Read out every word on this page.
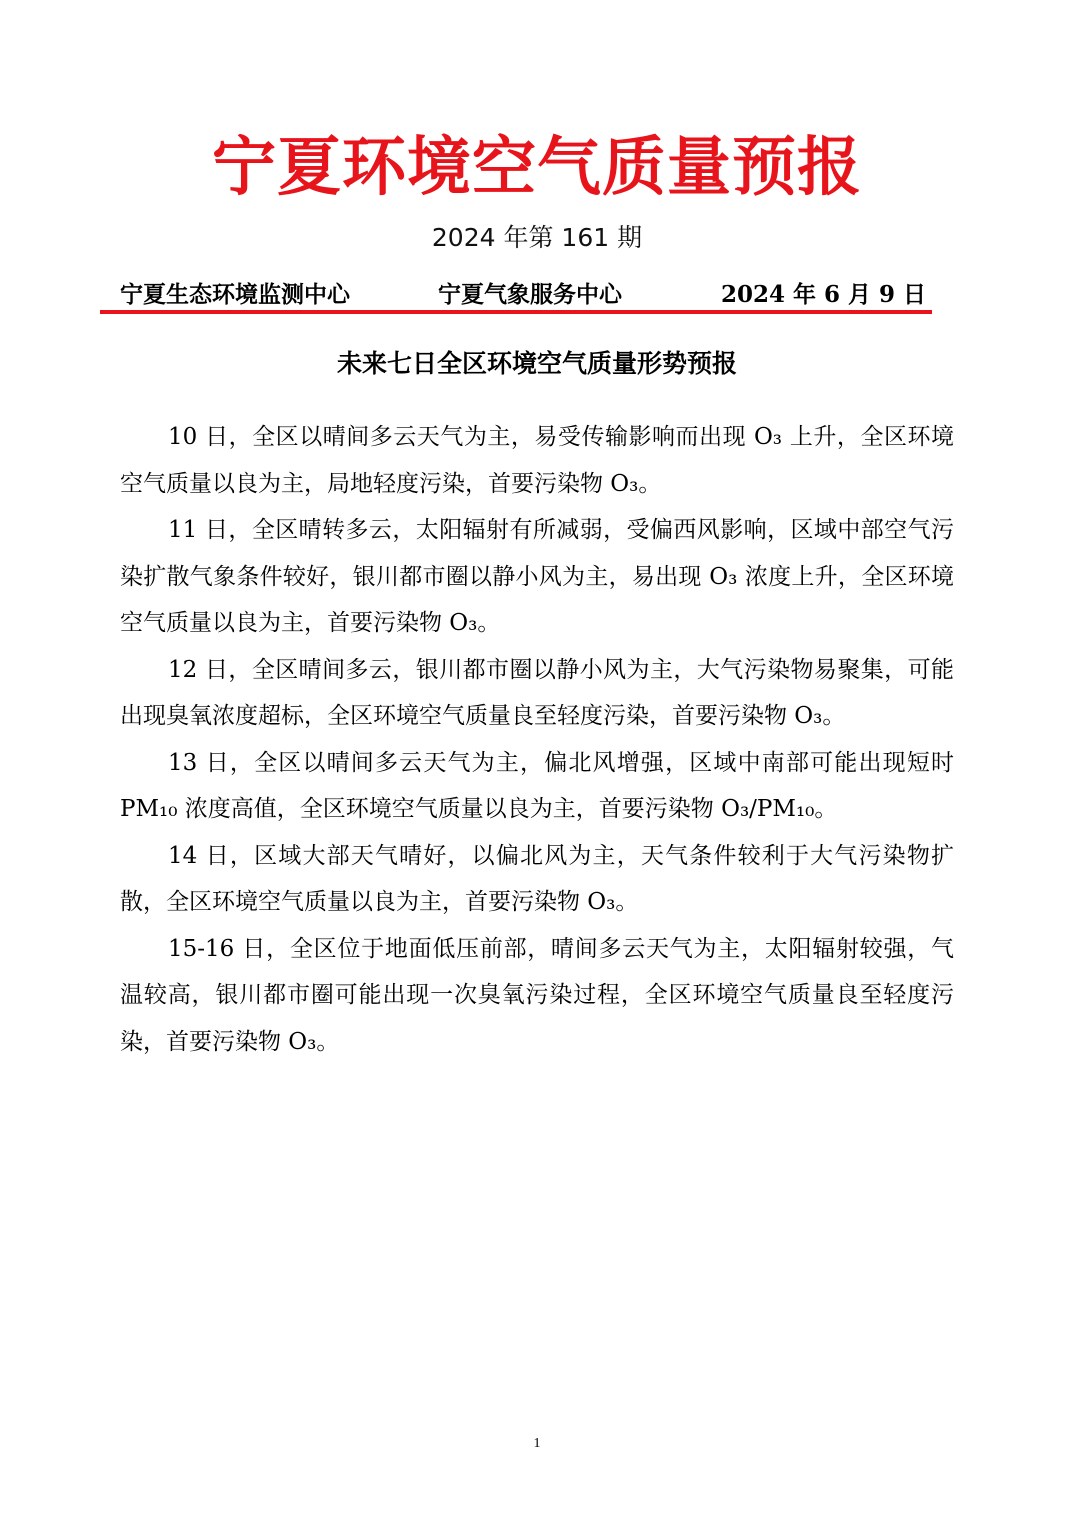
宁夏环境空气质量预报
2024 年第 161 期
宁夏生态环境监测中心	宁夏气象服务中心	2024 年 6 月 9 日
未来七日全区环境空气质量形势预报

10 日，全区以晴间多云天气为主，易受传输影响而出现 O₃ 上升，全区环境空气质量以良为主，局地轻度污染，首要污染物 O₃。

11 日，全区晴转多云，太阳辐射有所减弱，受偏西风影响，区域中部空气污染扩散气象条件较好，银川都市圈以静小风为主，易出现 O₃ 浓度上升，全区环境空气质量以良为主，首要污染物 O₃。

12 日，全区晴间多云，银川都市圈以静小风为主，大气污染物易聚集，可能出现臭氧浓度超标，全区环境空气质量良至轻度污染，首要污染物 O₃。

13 日，全区以晴间多云天气为主，偏北风增强，区域中南部可能出现短时 PM₁₀ 浓度高值，全区环境空气质量以良为主，首要污染物 O₃/PM₁₀。

14 日，区域大部天气晴好，以偏北风为主，天气条件较利于大气污染物扩散，全区环境空气质量以良为主，首要污染物 O₃。

15-16 日，全区位于地面低压前部，晴间多云天气为主，太阳辐射较强，气温较高，银川都市圈可能出现一次臭氧污染过程，全区环境空气质量良至轻度污染，首要污染物 O₃。

1
